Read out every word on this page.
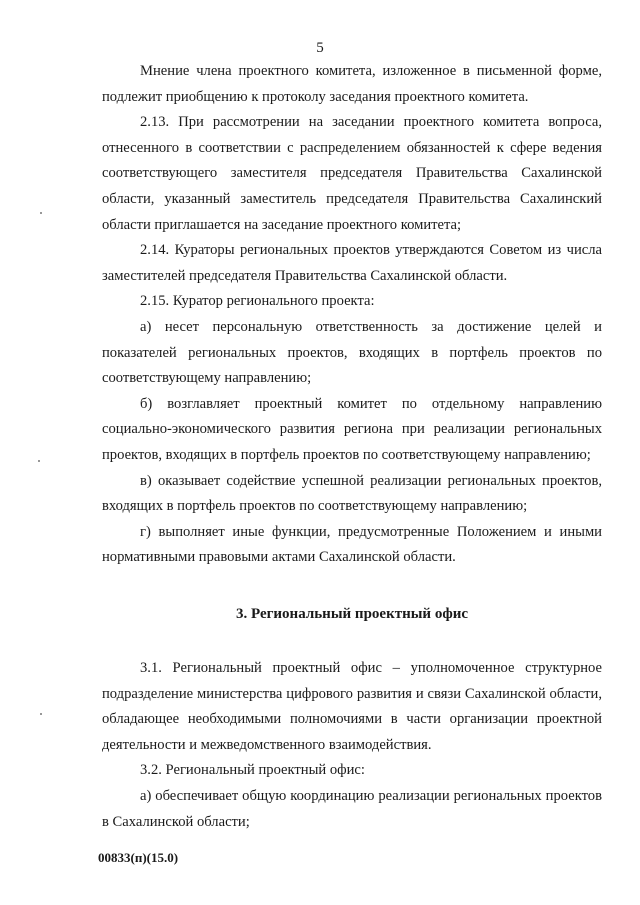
5

Мнение члена проектного комитета, изложенное в письменной форме, подлежит приобщению к протоколу заседания проектного комитета.

2.13. При рассмотрении на заседании проектного комитета вопроса, отнесенного в соответствии с распределением обязанностей к сфере ведения соответствующего заместителя председателя Правительства Сахалинской области, указанный заместитель председателя Правительства Сахалинский области приглашается на заседание проектного комитета;

2.14. Кураторы региональных проектов утверждаются Советом из числа заместителей председателя Правительства Сахалинской области.

2.15. Куратор регионального проекта:

а) несет персональную ответственность за достижение целей и показателей региональных проектов, входящих в портфель проектов по соответствующему направлению;

б) возглавляет проектный комитет по отдельному направлению социально-экономического развития региона при реализации региональных проектов, входящих в портфель проектов по соответствующему направлению;

в) оказывает содействие успешной реализации региональных проектов, входящих в портфель проектов по соответствующему направлению;

г) выполняет иные функции, предусмотренные Положением и иными нормативными правовыми актами Сахалинской области.

3. Региональный проектный офис

3.1. Региональный проектный офис – уполномоченное структурное подразделение министерства цифрового развития и связи Сахалинской области, обладающее необходимыми полномочиями в части организации проектной деятельности и межведомственного взаимодействия.

3.2. Региональный проектный офис:

а) обеспечивает общую координацию реализации региональных проектов в Сахалинской области;

00833(п)(15.0)
